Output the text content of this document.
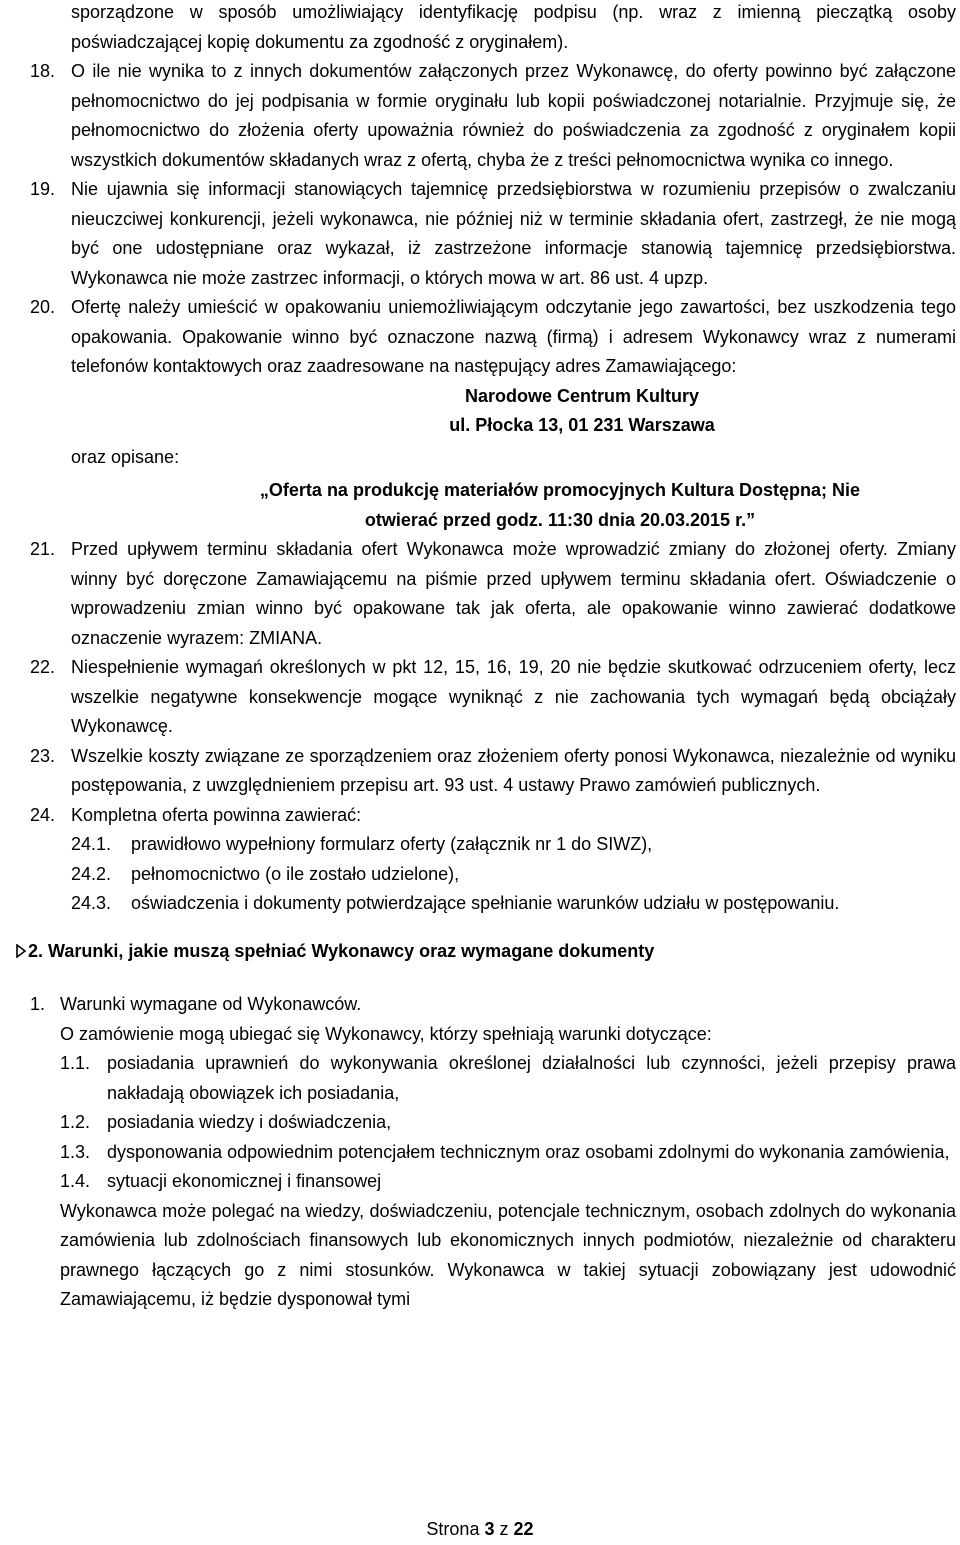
sporządzone w sposób umożliwiający identyfikację podpisu (np. wraz z imienną pieczątką osoby poświadczającej kopię dokumentu za zgodność z oryginałem).
18. O ile nie wynika to z innych dokumentów załączonych przez Wykonawcę, do oferty powinno być załączone pełnomocnictwo do jej podpisania w formie oryginału lub kopii poświadczonej notarialnie. Przyjmuje się, że pełnomocnictwo do złożenia oferty upoważnia również do poświadczenia za zgodność z oryginałem kopii wszystkich dokumentów składanych wraz z ofertą, chyba że z treści pełnomocnictwa wynika co innego.
19. Nie ujawnia się informacji stanowiących tajemnicę przedsiębiorstwa w rozumieniu przepisów o zwalczaniu nieuczciwej konkurencji, jeżeli wykonawca, nie później niż w terminie składania ofert, zastrzegł, że nie mogą być one udostępniane oraz wykazał, iż zastrzeżone informacje stanowią tajemnicę przedsiębiorstwa. Wykonawca nie może zastrzec informacji, o których mowa w art. 86 ust. 4 upzp.
20. Ofertę należy umieścić w opakowaniu uniemożliwiającym odczytanie jego zawartości, bez uszkodzenia tego opakowania. Opakowanie winno być oznaczone nazwą (firmą) i adresem Wykonawcy wraz z numerami telefonów kontaktowych oraz zaadresowane na następujący adres Zamawiającego:
Narodowe Centrum Kultury
ul. Płocka 13, 01 231 Warszawa
oraz opisane:
„Oferta na produkcję materiałów promocyjnych Kultura Dostępna; Nie
otwierać przed godz. 11:30 dnia 20.03.2015 r.”
21. Przed upływem terminu składania ofert Wykonawca może wprowadzić zmiany do złożonej oferty. Zmiany winny być doręczone Zamawiającemu na piśmie przed upływem terminu składania ofert. Oświadczenie o wprowadzeniu zmian winno być opakowane tak jak oferta, ale opakowanie winno zawierać dodatkowe oznaczenie wyrazem: ZMIANA.
22. Niespełnienie wymagań określonych w pkt 12, 15, 16, 19, 20 nie będzie skutkować odrzuceniem oferty, lecz wszelkie negatywne konsekwencje mogące wyniknąć z nie zachowania tych wymagań będą obciążały Wykonawcę.
23. Wszelkie koszty związane ze sporządzeniem oraz złożeniem oferty ponosi Wykonawca, niezależnie od wyniku postępowania, z uwzględnieniem przepisu art. 93 ust. 4 ustawy Prawo zamówień publicznych.
24. Kompletna oferta powinna zawierać:
24.1.	prawidłowo wypełniony formularz oferty (załącznik nr 1 do SIWZ),
24.2.	pełnomocnictwo (o ile zostało udzielone),
24.3.	oświadczenia i dokumenty potwierdzające spełnianie warunków udziału w postępowaniu.
2. Warunki, jakie muszą spełniać Wykonawcy oraz wymagane dokumenty
1. Warunki wymagane od Wykonawców.
O zamówienie mogą ubiegać się Wykonawcy, którzy spełniają warunki dotyczące:
1.1. posiadania uprawnień do wykonywania określonej działalności lub czynności, jeżeli przepisy prawa nakładają obowiązek ich posiadania,
1.2. posiadania wiedzy i doświadczenia,
1.3. dysponowania odpowiednim potencjałem technicznym oraz osobami zdolnymi do wykonania zamówienia,
1.4. sytuacji ekonomicznej i finansowej
Wykonawca może polegać na wiedzy, doświadczeniu, potencjale technicznym, osobach zdolnych do wykonania zamówienia lub zdolnościach finansowych lub ekonomicznych innych podmiotów, niezależnie od charakteru prawnego łączących go z nimi stosunków. Wykonawca w takiej sytuacji zobowiązany jest udowodnić Zamawiającemu, iż będzie dysponował tymi
Strona 3 z 22
